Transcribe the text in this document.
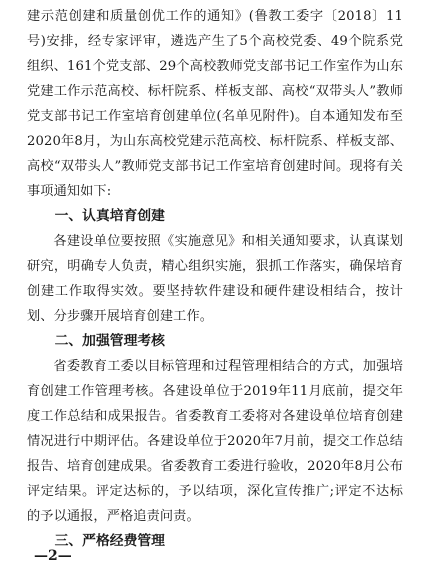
建示范创建和质量创优工作的通知》(鲁教工委字〔2018〕11号)安排，经专家评审，遴选产生了5个高校党委、49个院系党组织、161个党支部、29个高校教师党支部书记工作室作为山东党建工作示范高校、标杆院系、样板支部、高校“双带头人”教师党支部书记工作室培育创建单位(名单见附件)。自本通知发布至2020年8月，为山东高校党建示范高校、标杆院系、样板支部、高校“双带头人”教师党支部书记工作室培育创建时间。现将有关事项通知如下:

一、认真培育创建

各建设单位要按照《实施意见》和相关通知要求，认真谋划研究，明确专人负责，精心组织实施，狠抓工作落实，确保培育创建工作取得实效。要坚持软件建设和硬件建设相结合，按计划、分步骤开展培育创建工作。

二、加强管理考核

省委教育工委以目标管理和过程管理相结合的方式，加强培育创建工作管理考核。各建设单位于2019年11月底前，提交年度工作总结和成果报告。省委教育工委将对各建设单位培育创建情况进行中期评估。各建设单位于2020年7月前，提交工作总结报告、培育创建成果。省委教育工委进行验收，2020年8月公布评定结果。评定达标的，予以结项，深化宣传推广;评定不达标的予以通报，严格追责问责。

三、严格经费管理

—2—
